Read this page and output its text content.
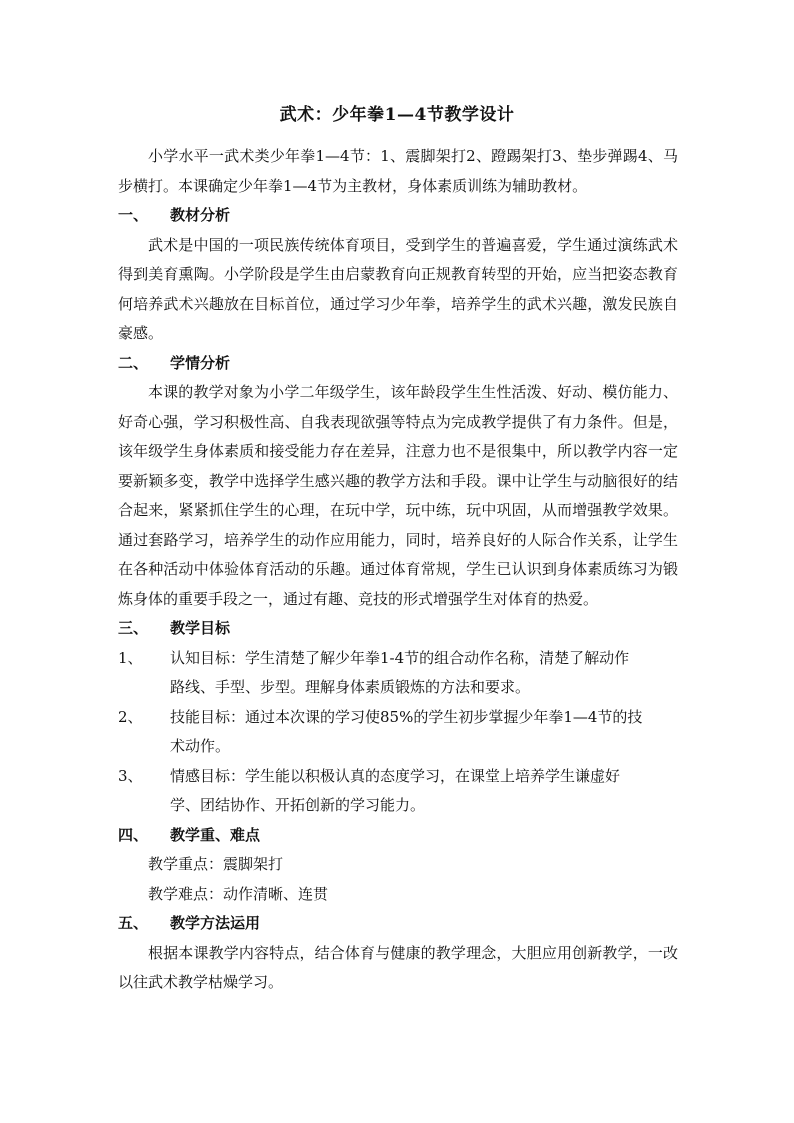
武术：少年拳1—4节教学设计

小学水平一武术类少年拳1—4节：1、震脚架打2、蹬踢架打3、垫步弹踢4、马步横打。本课确定少年拳1—4节为主教材，身体素质训练为辅助教材。

一、	教材分析

武术是中国的一项民族传统体育项目，受到学生的普遍喜爱，学生通过演练武术得到美育熏陶。小学阶段是学生由启蒙教育向正规教育转型的开始，应当把姿态教育何培养武术兴趣放在目标首位，通过学习少年拳，培养学生的武术兴趣，激发民族自豪感。

二、	学情分析

本课的教学对象为小学二年级学生，该年龄段学生生性活泼、好动、模仿能力、好奇心强，学习积极性高、自我表现欲强等特点为完成教学提供了有力条件。但是，该年级学生身体素质和接受能力存在差异，注意力也不是很集中，所以教学内容一定要新颖多变，教学中选择学生感兴趣的教学方法和手段。课中让学生与动脑很好的结合起来，紧紧抓住学生的心理，在玩中学，玩中练，玩中巩固，从而增强教学效果。通过套路学习，培养学生的动作应用能力，同时，培养良好的人际合作关系，让学生在各种活动中体验体育活动的乐趣。通过体育常规，学生已认识到身体素质练习为锻炼身体的重要手段之一，通过有趣、竞技的形式增强学生对体育的热爱。

三、	教学目标
1、	认知目标：学生清楚了解少年拳1-4节的组合动作名称，清楚了解动作
路线、手型、步型。理解身体素质锻炼的方法和要求。
2、	技能目标：通过本次课的学习使85%的学生初步掌握少年拳1—4节的技
术动作。
3、	情感目标：学生能以积极认真的态度学习，在课堂上培养学生谦虚好
学、团结协作、开拓创新的学习能力。
四、	教学重、难点

教学重点：震脚架打

教学难点：动作清晰、连贯

五、	教学方法运用

根据本课教学内容特点，结合体育与健康的教学理念，大胆应用创新教学，一改以往武术教学枯燥学习。
